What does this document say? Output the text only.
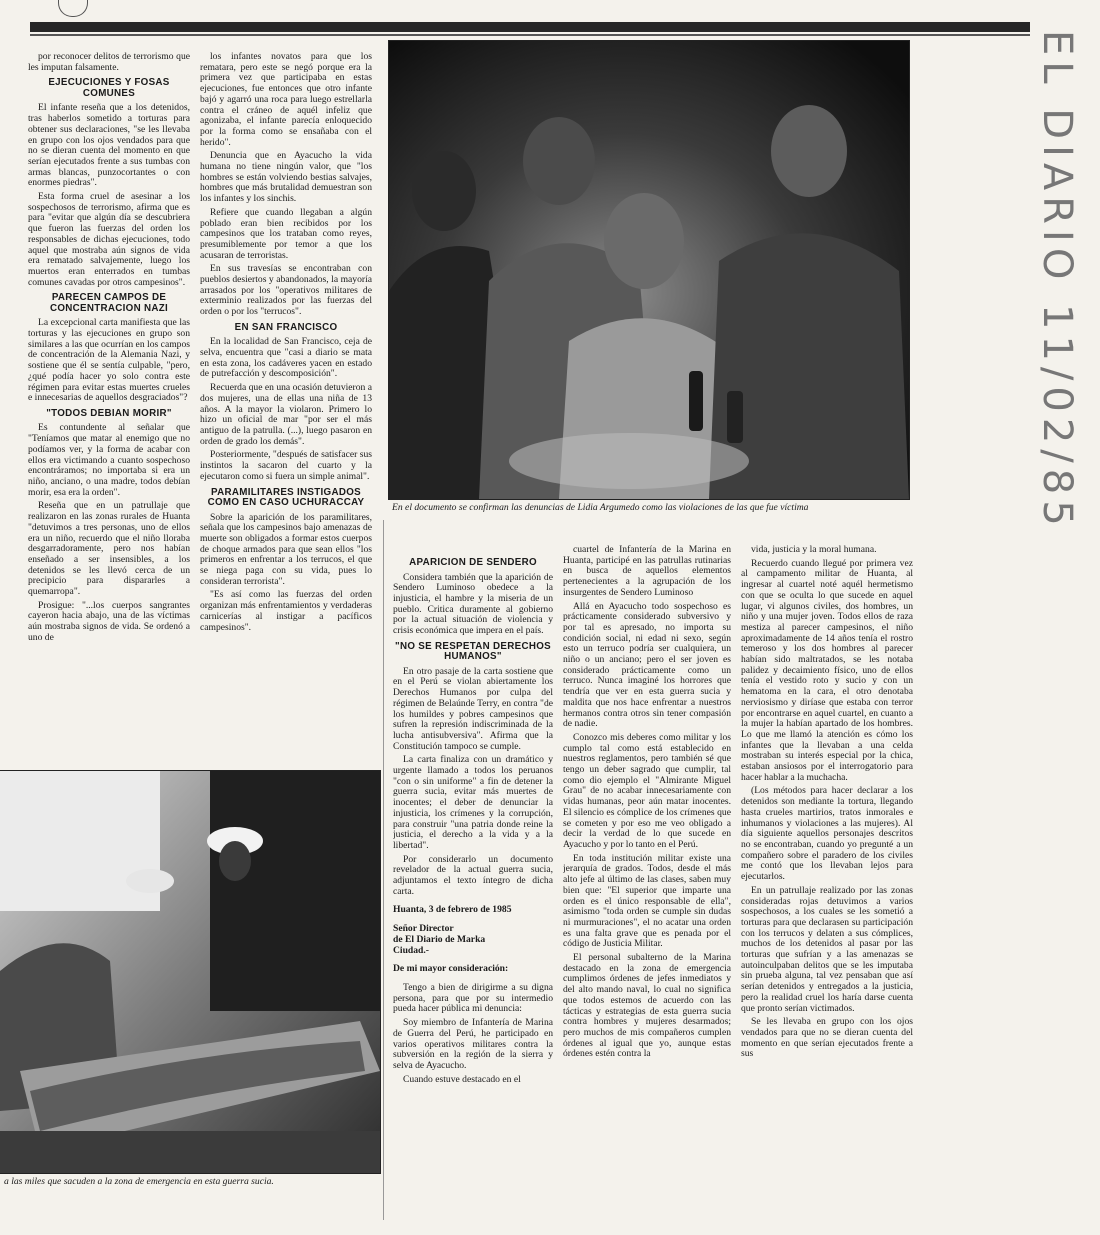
por reconocer delitos de terrorismo que les imputan falsamente.

EJECUCIONES Y FOSAS COMUNES

El infante reseña que a los detenidos, tras haberlos sometido a torturas para obtener sus declaraciones, "se les llevaba en grupo con los ojos vendados para que no se dieran cuenta del momento en que serían ejecutados frente a sus tumbas con armas blancas, punzocortantes o con enormes piedras".

Esta forma cruel de asesinar a los sospechosos de terrorismo, afirma que es para "evitar que algún día se descubriera que fueron las fuerzas del orden los responsables de dichas ejecuciones, todo aquel que mostraba aún signos de vida era rematado salvajemente, luego los muertos eran enterrados en tumbas comunes cavadas por otros campesinos".

PARECEN CAMPOS DE CONCENTRACION NAZI

La excepcional carta manifiesta que las torturas y las ejecuciones en grupo son similares a las que ocurrían en los campos de concentración de la Alemania Nazi, y sostiene que él se sentía culpable, "pero, ¿qué podía hacer yo solo contra este régimen para evitar estas muertes crueles e innecesarias de aquellos desgraciados"?

"TODOS DEBIAN MORIR"

Es contundente al señalar que "Teníamos que matar al enemigo que no podíamos ver, y la forma de acabar con ellos era victimando a cuanto sospechoso encontráramos; no importaba si era un niño, anciano, o una madre, todos debían morir, esa era la orden".

Reseña que en un patrullaje que realizaron en las zonas rurales de Huanta "detuvimos a tres personas, uno de ellos era un niño, recuerdo que el niño lloraba desgarradoramente, pero nos habían enseñado a ser insensibles, a los detenidos se les llevó cerca de un precipicio para dispararles a quemarropa".

Prosigue: "...los cuerpos sangrantes cayeron hacia abajo, una de las víctimas aún mostraba signos de vida. Se ordenó a uno de

los infantes novatos para que los rematara, pero este se negó porque era la primera vez que participaba en estas ejecuciones, fue entonces que otro infante bajó y agarró una roca para luego estrellarla contra el cráneo de aquél infeliz que agonizaba, el infante parecía enloquecido por la forma como se ensañaba con el herido".

Denuncia que en Ayacucho la vida humana no tiene ningún valor, que "los hombres se están volviendo bestias salvajes, hombres que más brutalidad demuestran son los infantes y los sinchis.

Refiere que cuando llegaban a algún poblado eran bien recibidos por los campesinos que los trataban como reyes, presumiblemente por temor a que los acusaran de terroristas.

En sus travesías se encontraban con pueblos desiertos y abandonados, la mayoría arrasados por los "operativos militares de exterminio realizados por las fuerzas del orden o por los "terrucos".

EN SAN FRANCISCO

En la localidad de San Francisco, ceja de selva, encuentra que "casi a diario se mata en esta zona, los cadáveres yacen en estado de putrefacción y descomposición".

Recuerda que en una ocasión detuvieron a dos mujeres, una de ellas una niña de 13 años. A la mayor la violaron. Primero lo hizo un oficial de mar "por ser el más antiguo de la patrulla. (...), luego pasaron en orden de grado los demás".

Posteriormente, "después de satisfacer sus instintos la sacaron del cuarto y la ejecutaron como si fuera un simple animal".

PARAMILITARES INSTIGADOS COMO EN CASO UCHURACCAY

Sobre la aparición de los paramilitares, señala que los campesinos bajo amenazas de muerte son obligados a formar estos cuerpos de choque armados para que sean ellos "los primeros en enfrentar a los terrucos, el que se niega paga con su vida, pues lo consideran terrorista".

"Es así como las fuerzas del orden organizan más enfrentamientos y verdaderas carnicerías al instigar a pacíficos campesinos".

APARICION DE SENDERO

Considera también que la aparición de Sendero Luminoso obedece a la injusticia, el hambre y la miseria de un pueblo. Critica duramente al gobierno por la actual situación de violencia y crisis económica que impera en el país.

"NO SE RESPETAN DERECHOS HUMANOS"

En otro pasaje de la carta sostiene que en el Perú se violan abiertamente los Derechos Humanos por culpa del régimen de Belaúnde Terry, en contra "de los humildes y pobres campesinos que sufren la represión indiscriminada de la lucha antisubversiva". Afirma que la Constitución tampoco se cumple.

La carta finaliza con un dramático y urgente llamado a todos los peruanos "con o sin uniforme" a fin de detener la guerra sucia, evitar más muertes de inocentes; el deber de denunciar la injusticia, los crímenes y la corrupción, para construir "una patria donde reine la justicia, el derecho a la vida y a la libertad".

Por considerarlo un documento revelador de la actual guerra sucia, adjuntamos el texto íntegro de dicha carta.

Huanta, 3 de febrero de 1985

Señor Director
de El Diario de Marka
Ciudad.-

De mi mayor consideración:

Tengo a bien de dirigirme a su digna persona, para que por su intermedio pueda hacer pública mi denuncia:

Soy miembro de Infantería de Marina de Guerra del Perú, he participado en varios operativos militares contra la subversión en la región de la sierra y selva de Ayacucho.

Cuando estuve destacado en el

cuartel de Infantería de la Marina en Huanta, participé en las patrullas rutinarias en busca de aquellos elementos pertenecientes a la agrupación de los insurgentes de Sendero Luminoso

Allá en Ayacucho todo sospechoso es prácticamente considerado subversivo y por tal es apresado, no importa su condición social, ni edad ni sexo, según esto un terruco podría ser cualquiera, un niño o un anciano; pero el ser joven es considerado prácticamente como un terruco. Nunca imaginé los horrores que tendría que ver en esta guerra sucia y maldita que nos hace enfrentar a nuestros hermanos contra otros sin tener compasión de nadie.

Conozco mis deberes como militar y los cumplo tal como está establecido en nuestros reglamentos, pero también sé que tengo un deber sagrado que cumplir, tal como dio ejemplo el "Almirante Miguel Grau" de no acabar innecesariamente con vidas humanas, peor aún matar inocentes. El silencio es cómplice de los crímenes que se cometen y por eso me veo obligado a decir la verdad de lo que sucede en Ayacucho y por lo tanto en el Perú.

En toda institución militar existe una jerarquía de grados. Todos, desde el más alto jefe al último de las clases, saben muy bien que: "El superior que imparte una orden es el único responsable de ella", asimismo "toda orden se cumple sin dudas ni murmuraciones", el no acatar una orden es una falta grave que es penada por el código de Justicia Militar.

El personal subalterno de la Marina destacado en la zona de emergencia cumplimos órdenes de jefes inmediatos y del alto mando naval, lo cual no significa que todos estemos de acuerdo con las tácticas y estrategias de esta guerra sucia contra hombres y mujeres desarmados; pero muchos de mis compañeros cumplen órdenes al igual que yo, aunque estas órdenes estén contra la

vida, justicia y la moral humana.

Recuerdo cuando llegué por primera vez al campamento militar de Huanta, al ingresar al cuartel noté aquél hermetismo con que se oculta lo que sucede en aquel lugar, vi algunos civiles, dos hombres, un niño y una mujer joven. Todos ellos de raza mestiza al parecer campesinos, el niño aproximadamente de 14 años tenía el rostro temeroso y los dos hombres al parecer habían sido maltratados, se les notaba palidez y decaimiento físico, uno de ellos tenía el vestido roto y sucio y con un hematoma en la cara, el otro denotaba nerviosismo y diríase que estaba con terror por encontrarse en aquel cuartel, en cuanto a la mujer la habían apartado de los hombres. Lo que me llamó la atención es cómo los infantes que la llevaban a una celda mostraban su interés especial por la chica, estaban ansiosos por el interrogatorio para hacer hablar a la muchacha.

(Los métodos para hacer declarar a los detenidos son mediante la tortura, llegando hasta crueles martirios, tratos inmorales e inhumanos y violaciones a las mujeres). Al día siguiente aquellos personajes descritos no se encontraban, cuando yo pregunté a un compañero sobre el paradero de los civiles me contó que los llevaban lejos para ejecutarlos.

En un patrullaje realizado por las zonas consideradas rojas detuvimos a varios sospechosos, a los cuales se les sometió a torturas para que declarasen su participación con los terrucos y delaten a sus cómplices, muchos de los detenidos al pasar por las torturas que sufrían y a las amenazas se autoinculpaban delitos que se les imputaba sin prueba alguna, tal vez pensaban que así serían detenidos y entregados a la justicia, pero la realidad cruel los haría darse cuenta que pronto serían victimados.

Se les llevaba en grupo con los ojos vendados para que no se dieran cuenta del momento en que serían ejecutados frente a sus

En el documento se confirman las denuncias de Lidia Argumedo como las violaciones de las que fue víctima
a las miles que sacuden a la zona de emergencia en esta guerra sucia.
EL DIARIO 11/02/85
